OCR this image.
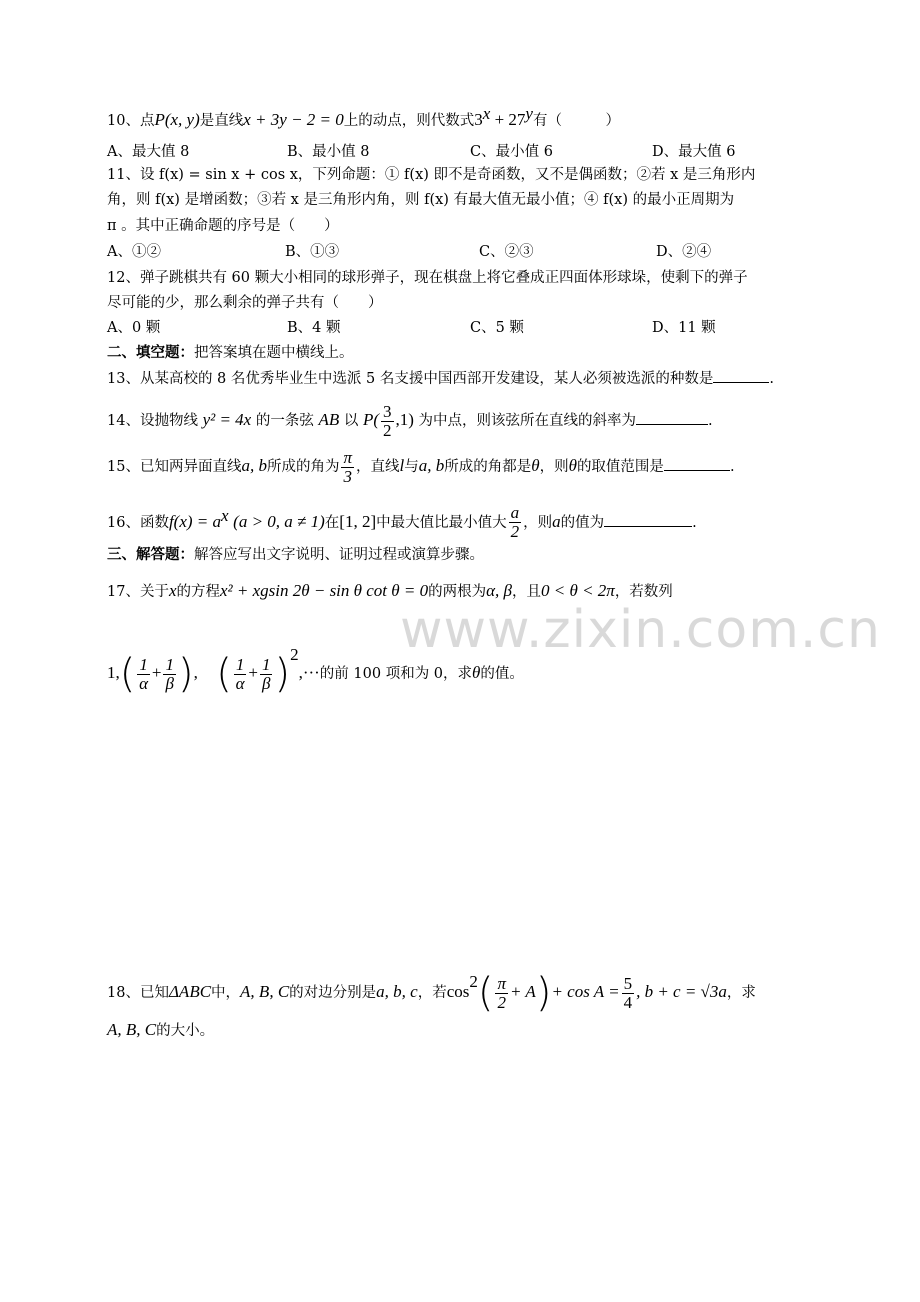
www.zixin.com.cn
10、点P(x, y)是直线x + 3y − 2 = 0上的动点，则代数式$3^x + 27^y$有（　　　）
A、最大值 8	B、最小值 8	C、最小值 6	D、最大值 6
11、设 f(x) = sin x + cos x，下列命题：① f(x) 即不是奇函数，又不是偶函数；②若 x 是三角形内
角，则 f(x) 是增函数；③若 x 是三角形内角，则 f(x) 有最大值无最小值；④ f(x) 的最小正周期为
π 。其中正确命题的序号是（　　）
A、①②	B、①③	C、②③	D、②④
12、弹子跳棋共有 60 颗大小相同的球形弹子，现在棋盘上将它叠成正四面体形球垛，使剩下的弹子
尽可能的少，那么剩余的弹子共有（　　）
A、0 颗	B、4 颗	C、5 颗	D、11 颗
二、填空题：把答案填在题中横线上。
13、从某高校的 8 名优秀毕业生中选派 5 名支援中国西部开发建设，某人必须被选派的种数是	.
14、设抛物线 y² = 4x 的一条弦 AB 以 $P( \frac{3}{2} ,1)$ 为中点，则该弦所在直线的斜率为	.
15、已知两异面直线a, b所成的角为 $\frac{\pi}{3}$ ，直线l与a, b所成的角都是θ，则θ的取值范围是	.
16、函数$f(x) = a^x$ (a > 0, a ≠ 1)在[1, 2]中最大值比最小值大 $\frac{a}{2}$ ，则a的值为	.
三、解答题：解答应写出文字说明、证明过程或演算步骤。
17、关于x的方程x² + xgsin 2θ − sin θ cot θ = 0的两根为α, β，且0 < θ < 2π，若数列
$1,( \frac{1}{\alpha} + \frac{1}{\beta}$ ), ( $\frac{1}{\alpha} + \frac{1}{\beta} )^2,\cdot\cdot\cdot$的前 100 项和为 0，求θ的值。
18、已知ΔABC中，A, B, C的对边分别是a, b, c，若$\cos^2( \frac{\pi}{2} + A)+ \cos A = \frac{5}{4}$ , b + c = √3a，求
A, B, C的大小。
